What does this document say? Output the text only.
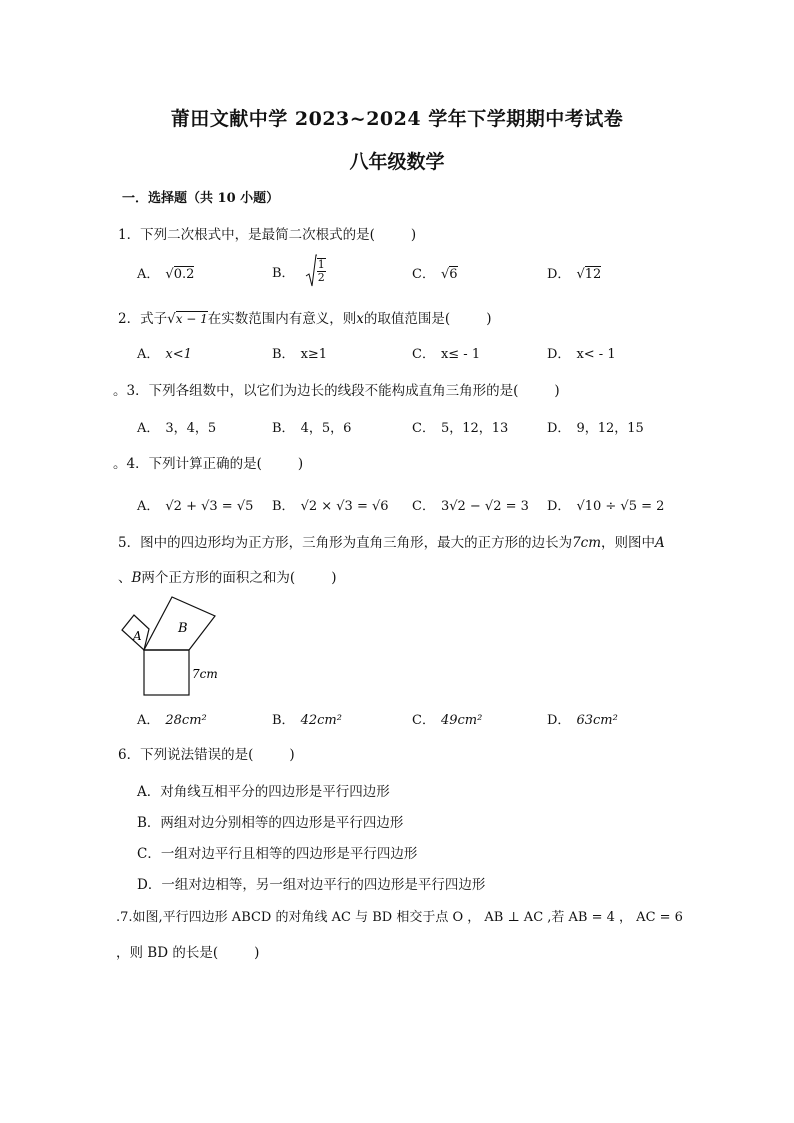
莆田文献中学 2023~2024 学年下学期期中考试卷
八年级数学
一．选择题（共 10 小题）
1．下列二次根式中，是最简二次根式的是(	)
A． √0.2	B． $\frac{1}{2}$	C． √6	D． √12
2．式子√x − 1在实数范围内有意义，则x的取值范围是(	)
A． x<1	B． x≥1	C． x≤ - 1	D． x< - 1
。3．下列各组数中，以它们为边长的线段不能构成直角三角形的是(	)
A． 3，4，5	B． 4，5，6	C． 5，12，13	D． 9，12，15
。4．下列计算正确的是(	)
A． √2 + √3 = √5 B． √2 × √3 = √6 C． 3√2 − √2 = 3 D． √10 ÷ √5 = 2
5．图中的四边形均为正方形，三角形为直角三角形，最大的正方形的边长为7cm，则图中A
、B两个正方形的面积之和为(	)
A	B
7cm
A． 28cm²	B． 42cm²	C． 49cm²	D． 63cm²
6．下列说法错误的是(	)
A．对角线互相平分的四边形是平行四边形
B．两组对边分别相等的四边形是平行四边形
C．一组对边平行且相等的四边形是平行四边形
D．一组对边相等，另一组对边平行的四边形是平行四边形
.7.如图,平行四边形 ABCD 的对角线 AC 与 BD 相交于点 O ， AB ⊥ AC ,若 AB = 4 ， AC = 6
，则 BD 的长是(	)
